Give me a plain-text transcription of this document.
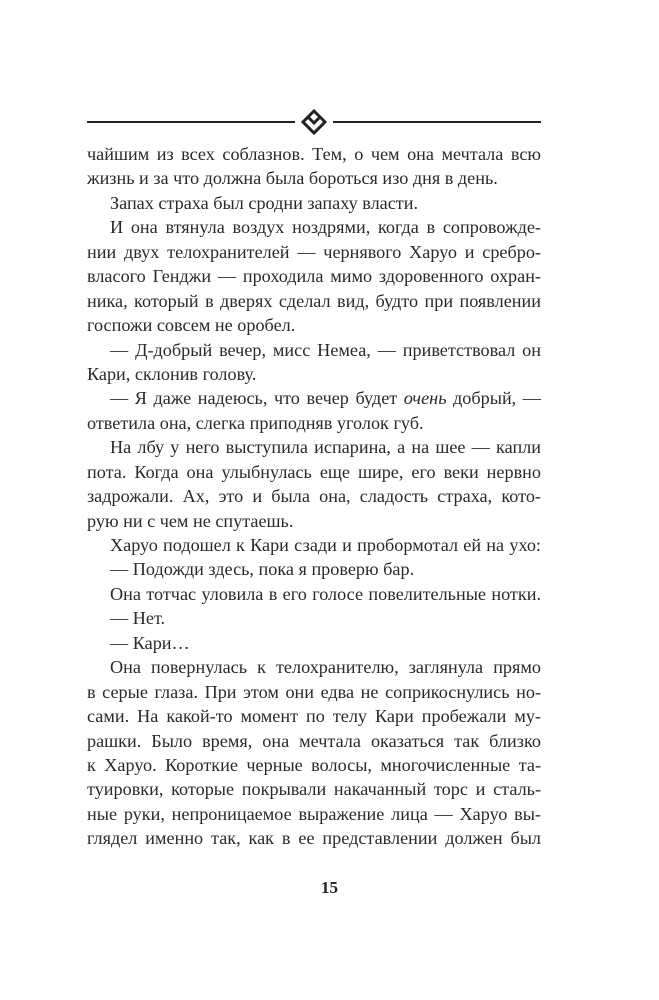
чайшим из всех соблазнов. Тем, о чем она мечтала всю
жизнь и за что должна была бороться изо дня в день.
Запах страха был сродни запаху власти.
И она втянула воздух ноздрями, когда в сопровожде-
нии двух телохранителей — чернявого Харуо и сребро-
власого Генджи — проходила мимо здоровенного охран-
ника, который в дверях сделал вид, будто при появлении
госпожи совсем не оробел.
— Д-добрый вечер, мисс Немеа, — приветствовал он
Кари, склонив голову.
— Я даже надеюсь, что вечер будет очень добрый, —
ответила она, слегка приподняв уголок губ.
На лбу у него выступила испарина, а на шее — капли
пота. Когда она улыбнулась еще шире, его веки нервно
задрожали. Ах, это и была она, сладость страха, кото-
рую ни с чем не спутаешь.
Харуо подошел к Кари сзади и пробормотал ей на ухо:
— Подожди здесь, пока я проверю бар.
Она тотчас уловила в его голосе повелительные нотки.
— Нет.
— Кари…
Она повернулась к телохранителю, заглянула прямо
в серые глаза. При этом они едва не соприкоснулись но-
сами. На какой-то момент по телу Кари пробежали му-
рашки. Было время, она мечтала оказаться так близко
к Харуо. Короткие черные волосы, многочисленные та-
туировки, которые покрывали накачанный торс и сталь-
ные руки, непроницаемое выражение лица — Харуо вы-
глядел именно так, как в ее представлении должен был
15
